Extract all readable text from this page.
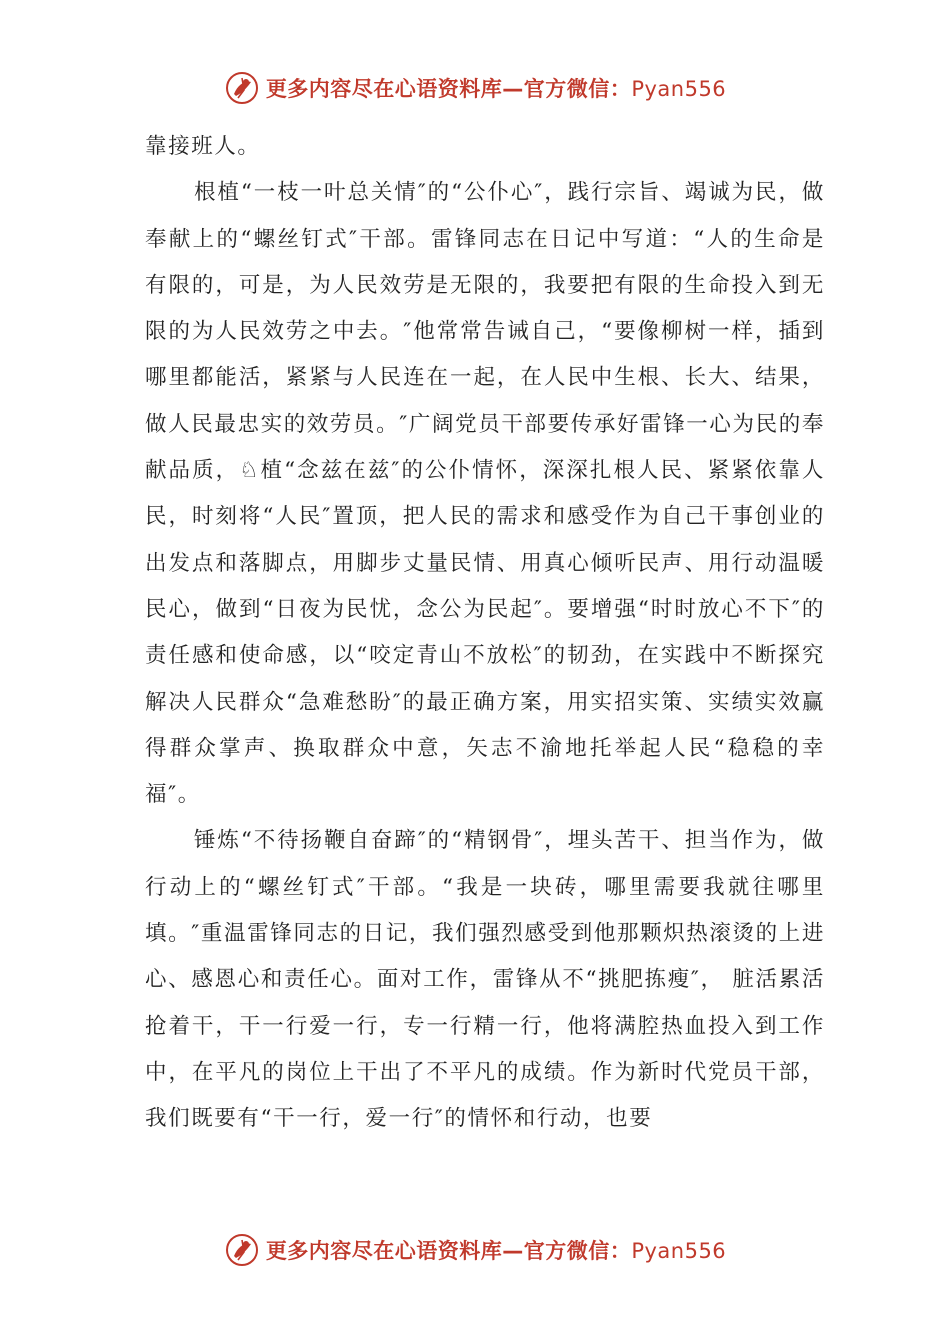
更多内容尽在心语资料库—官方微信：Pyan556

靠接班人。

根植“一枝一叶总关情″的“公仆心″，践行宗旨、竭诚为民，做奉献上的“螺丝钉式″干部。雷锋同志在日记中写道：“人的生命是有限的，可是，为人民效劳是无限的，我要把有限的生命投入到无限的为人民效劳之中去。″他常常告诫自己，“要像柳树一样，插到哪里都能活，紧紧与人民连在一起，在人民中生根、长大、结果，做人民最忠实的效劳员。″广阔党员干部要传承好雷锋一心为民的奉献品质，♘植“念兹在兹″的公仆情怀，深深扎根人民、紧紧依靠人民，时刻将“人民″置顶，把人民的需求和感受作为自己干事创业的出发点和落脚点，用脚步丈量民情、用真心倾听民声、用行动温暖民心，做到“日夜为民忧，念公为民起″。要增强“时时放心不下″的责任感和使命感，以“咬定青山不放松″的韧劲，在实践中不断探究解决人民群众“急难愁盼″的最正确方案，用实招实策、实绩实效赢得群众掌声、换取群众中意，矢志不渝地托举起人民“稳稳的幸福″。

锤炼“不待扬鞭自奋蹄″的“精钢骨″，埋头苦干、担当作为，做行动上的“螺丝钉式″干部。“我是一块砖，哪里需要我就往哪里填。″重温雷锋同志的日记，我们强烈感受到他那颗炽热滚烫的上进心、感恩心和责任心。面对工作，雷锋从不“挑肥拣瘦″， 脏活累活抢着干，干一行爱一行，专一行精一行，他将满腔热血投入到工作中，在平凡的岗位上干出了不平凡的成绩。作为新时代党员干部，我们既要有“干一行，爱一行″的情怀和行动，也要

更多内容尽在心语资料库—官方微信：Pyan556
